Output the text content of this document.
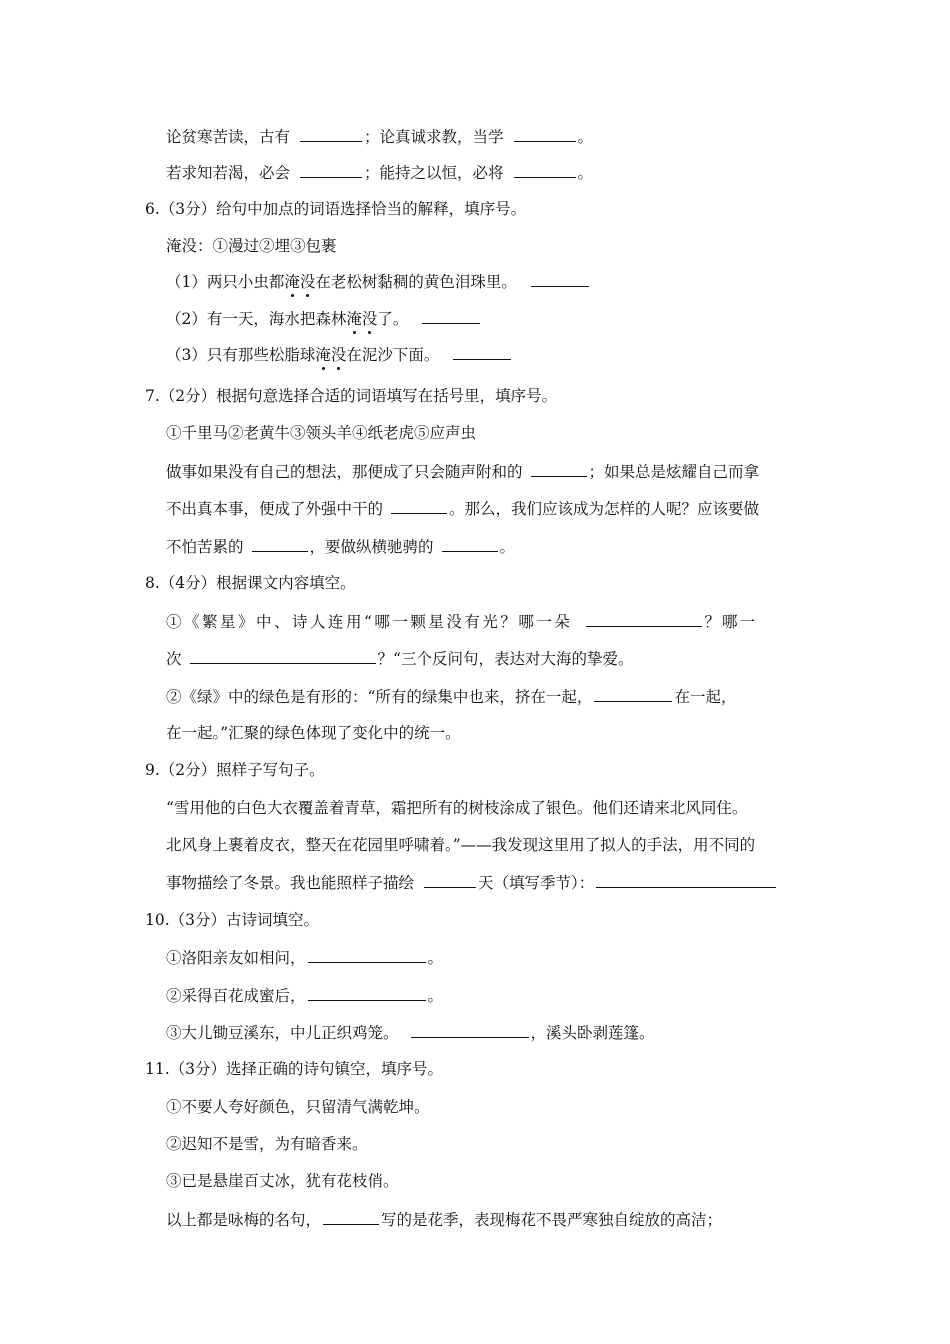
论贫寒苦读，古有	；论真诚求教，当学	。
若求知若渴，必会	；能持之以恒，必将	。
6.（3分）给句中加点的词语选择恰当的解释，填序号。
淹没：①漫过②埋③包裹
（1）两只小虫都淹没在老松树黏稠的黄色泪珠里。
（2）有一天，海水把森林淹没了。
（3）只有那些松脂球淹没在泥沙下面。
7.（2分）根据句意选择合适的词语填写在括号里，填序号。
①千里马②老黄牛③领头羊④纸老虎⑤应声虫
做事如果没有自己的想法，那便成了只会随声附和的	；如果总是炫耀自己而拿
不出真本事，便成了外强中干的	。那么，我们应该成为怎样的人呢？应该要做
不怕苦累的	，要做纵横驰骋的	。
8.（4分）根据课文内容填空。
①《繁星》中、诗人连用“哪一颗星没有光？哪一朵	？哪一
次	？“三个反问句，表达对大海的挚爱。
②《绿》中的绿色是有形的：“所有的绿集中也来，挤在一起，	在一起，
在一起。”汇聚的绿色体现了变化中的统一。
9.（2分）照样子写句子。
“雪用他的白色大衣覆盖着青草，霜把所有的树枝涂成了银色。他们还请来北风同住。
北风身上裹着皮衣，整天在花园里呼啸着。”——我发现这里用了拟人的手法，用不同的
事物描绘了冬景。我也能照样子描绘	天（填写季节）：
10.（3分）古诗词填空。
①洛阳亲友如相问，	。
②采得百花成蜜后，	。
③大儿锄豆溪东，中儿正织鸡笼。	，溪头卧剥莲篷。
11.（3分）选择正确的诗句镇空，填序号。
①不要人夸好颜色，只留清气满乾坤。
②迟知不是雪，为有暗香来。
③已是悬崖百丈冰，犹有花枝俏。
以上都是咏梅的名句，	写的是花季，表现梅花不畏严寒独自绽放的高洁；
